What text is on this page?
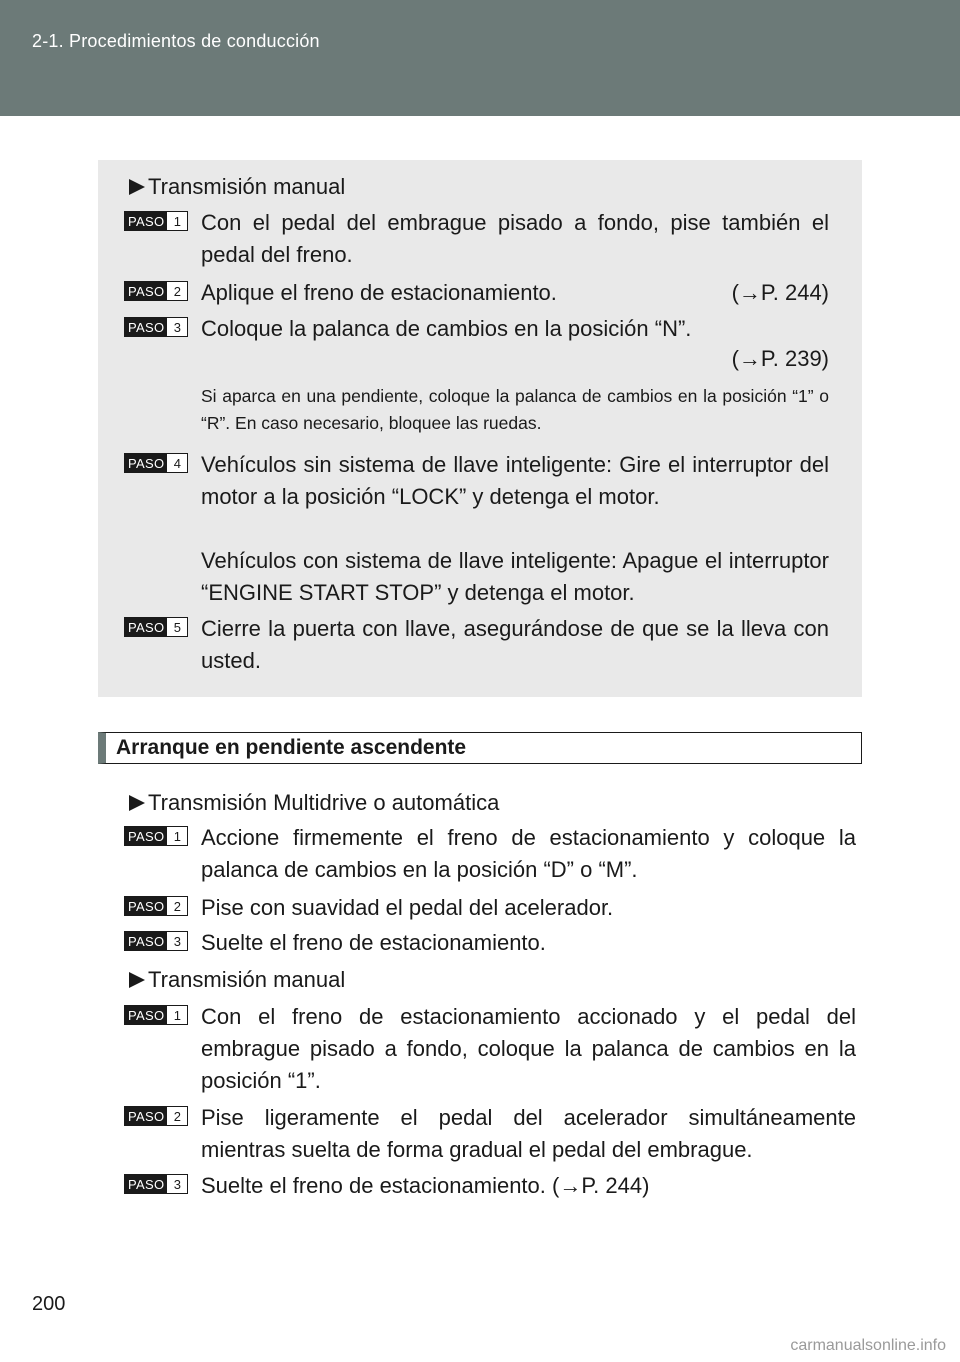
2-1. Procedimientos de conducción
Transmisión manual
PASO 1 Con el pedal del embrague pisado a fondo, pise también el pedal del freno.
PASO 2 Aplique el freno de estacionamiento.	(→P. 244)
PASO 3 Coloque la palanca de cambios en la posición “N”.
(→P. 239)
Si aparca en una pendiente, coloque la palanca de cambios en la posición “1” o “R”. En caso necesario, bloquee las ruedas.
PASO 4 Vehículos sin sistema de llave inteligente: Gire el interruptor del motor a la posición “LOCK” y detenga el motor.
Vehículos con sistema de llave inteligente: Apague el interruptor “ENGINE START STOP” y detenga el motor.
PASO 5 Cierre la puerta con llave, asegurándose de que se la lleva con usted.
Arranque en pendiente ascendente
Transmisión Multidrive o automática
PASO 1 Accione firmemente el freno de estacionamiento y coloque la palanca de cambios en la posición “D” o “M”.
PASO 2 Pise con suavidad el pedal del acelerador.
PASO 3 Suelte el freno de estacionamiento.
Transmisión manual
PASO 1 Con el freno de estacionamiento accionado y el pedal del embrague pisado a fondo, coloque la palanca de cambios en la posición “1”.
PASO 2 Pise ligeramente el pedal del acelerador simultáneamente mientras suelta de forma gradual el pedal del embrague.
PASO 3 Suelte el freno de estacionamiento. (→P. 244)
200
carmanualsonline.info
